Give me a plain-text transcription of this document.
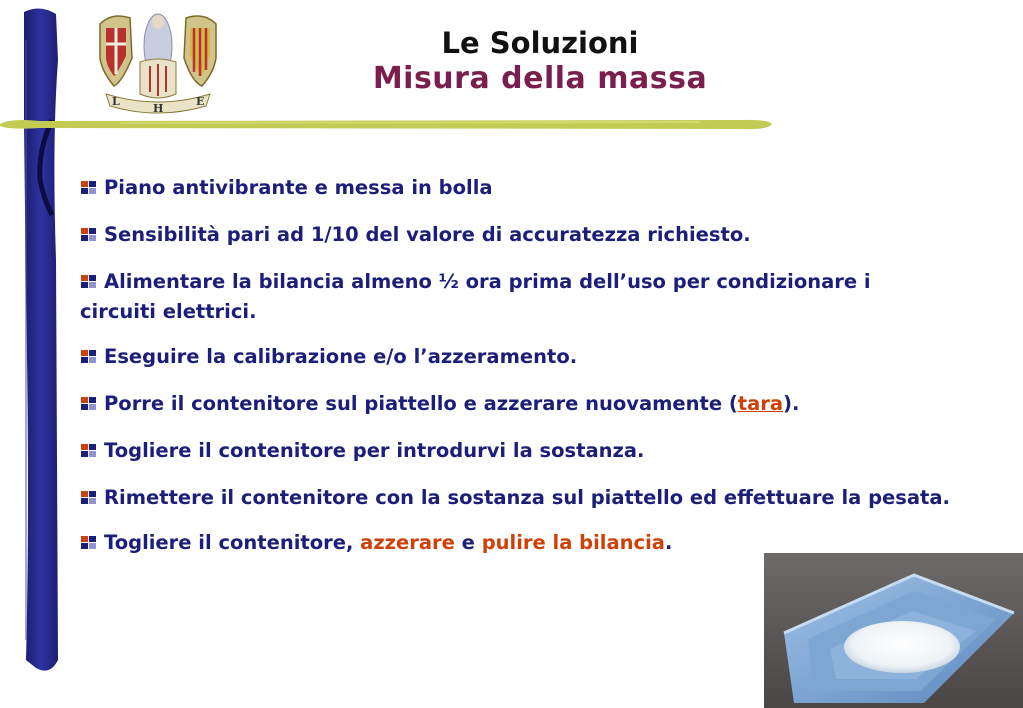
L
H
E
Le Soluzioni
Misura della massa
Piano antivibrante e messa in bolla
Sensibilità pari ad 1/10 del valore di accuratezza richiesto.
Alimentare la bilancia almeno ½ ora prima dell’uso per condizionare i circuiti elettrici.
Eseguire la calibrazione e/o l’azzeramento.
Porre il contenitore sul piattello e azzerare nuovamente (tara).
Togliere il contenitore per introdurvi la sostanza.
Rimettere il contenitore con la sostanza sul piattello ed effettuare la pesata.
Togliere il contenitore, azzerare e pulire la bilancia.
